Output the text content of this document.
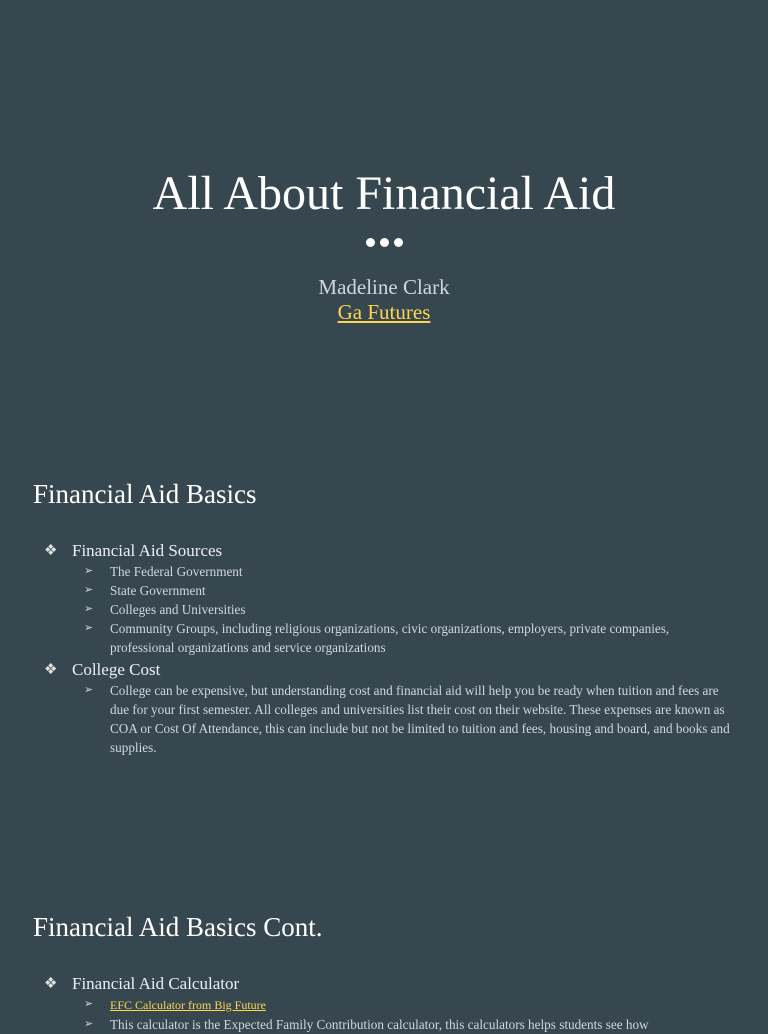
All About Financial Aid
Madeline Clark
Ga Futures
Financial Aid Basics
❖ Financial Aid Sources
➢	The Federal Government
➢	State Government
➢	Colleges and Universities
➢	Community Groups, including religious organizations, civic organizations, employers, private companies, professional organizations and service organizations
❖ College Cost
➢	College can be expensive, but understanding cost and financial aid will help you be ready when tuition and fees are due for your first semester. All colleges and universities list their cost on their website. These expenses are known as COA or Cost Of Attendance, this can include but not be limited to tuition and fees, housing and board, and books and supplies.
Financial Aid Basics Cont.
❖ Financial Aid Calculator
➢	EFC Calculator from Big Future
➢	This calculator is the Expected Family Contribution calculator, this calculators helps students see how
